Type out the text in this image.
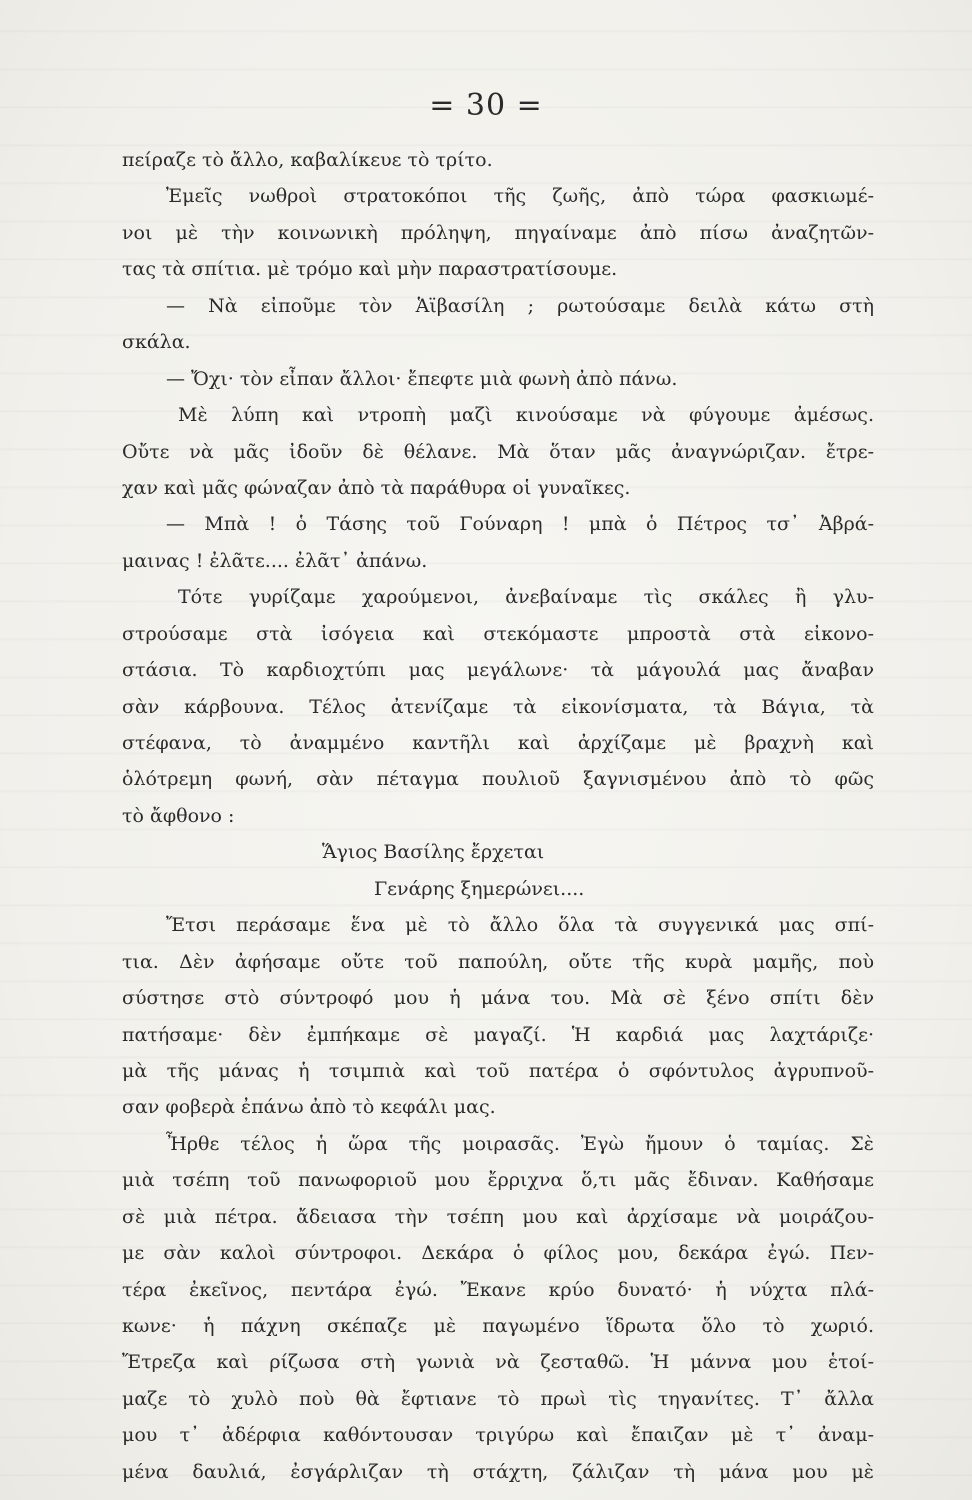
= 30 =
πείραζε τὸ ἄλλο, καβαλίκευε τὸ τρίτο.
Ἐμεῖς νωθροὶ στρατοκόποι τῆς ζωῆς, ἀπὸ τώρα φασκιωμέ-
νοι μὲ τὴν κοινωνικὴ πρόληψη, πηγαίναμε ἀπὸ πίσω ἀναζητῶν-
τας τὰ σπίτια. μὲ τρόμο καὶ μὴν παραστρατίσουμε.
— Νὰ εἰποῦμε τὸν Ἁϊβασίλη ; ρωτούσαμε δειλὰ κάτω στὴ
σκάλα.
— Ὄχι· τὸν εἶπαν ἄλλοι· ἔπεφτε μιὰ φωνὴ ἀπὸ πάνω.
Μὲ λύπη καὶ ντροπὴ μαζὶ κινούσαμε νὰ φύγουμε ἀμέσως.
Οὔτε νὰ μᾶς ἰδοῦν δὲ θέλανε. Μὰ ὅταν μᾶς ἀναγνώριζαν. ἔτρε-
χαν καὶ μᾶς φώναζαν ἀπὸ τὰ παράθυρα οἱ γυναῖκες.
— Μπὰ ! ὁ Τάσης τοῦ Γούναρη ! μπὰ ὁ Πέτρος τσ᾽ Ἀβρά-
μαινας ! ἐλᾶτε.... ἐλᾶτ᾽ ἀπάνω.
Τότε γυρίζαμε χαρούμενοι, ἀνεβαίναμε τὶς σκάλες ἢ γλυ-
στρούσαμε στὰ ἰσόγεια καὶ στεκόμαστε μπροστὰ στὰ εἰκονο-
στάσια. Τὸ καρδιοχτύπι μας μεγάλωνε· τὰ μάγουλά μας ἄναβαν
σὰν κάρβουνα. Τέλος ἀτενίζαμε τὰ εἰκονίσματα, τὰ Βάγια, τὰ
στέφανα, τὸ ἀναμμένο καντῆλι καὶ ἀρχίζαμε μὲ βραχνὴ καὶ
ὁλότρεμη φωνή, σὰν πέταγμα πουλιοῦ ξαγνισμένου ἀπὸ τὸ φῶς
τὸ ἄφθονο :
Ἅγιος Βασίλης ἔρχεται
Γενάρης ξημερώνει....
Ἔτσι περάσαμε ἕνα μὲ τὸ ἄλλο ὅλα τὰ συγγενικά μας σπί-
τια. Δὲν ἀφήσαμε οὔτε τοῦ παπούλη, οὔτε τῆς κυρὰ μαμῆς, ποὺ
σύστησε στὸ σύντροφό μου ἡ μάνα του. Μὰ σὲ ξένο σπίτι δὲν
πατήσαμε· δὲν ἐμπήκαμε σὲ μαγαζί. Ἡ καρδιά μας λαχτάριζε·
μὰ τῆς μάνας ἡ τσιμπιὰ καὶ τοῦ πατέρα ὁ σφόντυλος ἀγρυπνοῦ-
σαν φοβερὰ ἐπάνω ἀπὸ τὸ κεφάλι μας.
Ἦρθε τέλος ἡ ὥρα τῆς μοιρασᾶς. Ἐγὼ ἤμουν ὁ ταμίας. Σὲ
μιὰ τσέπη τοῦ πανωφοριοῦ μου ἔρριχνα ὅ,τι μᾶς ἔδιναν. Καθήσαμε
σὲ μιὰ πέτρα. ἄδειασα τὴν τσέπη μου καὶ ἀρχίσαμε νὰ μοιράζου-
με σὰν καλοὶ σύντροφοι. Δεκάρα ὁ φίλος μου, δεκάρα ἐγώ. Πεν-
τέρα ἐκεῖνος, πεντάρα ἐγώ. Ἔκανε κρύο δυνατό· ἡ νύχτα πλά-
κωνε· ἡ πάχνη σκέπαζε μὲ παγωμένο ἵδρωτα ὅλο τὸ χωριό.
Ἔτρεζα καὶ ρίζωσα στὴ γωνιὰ νὰ ζεσταθῶ. Ἡ μάννα μου ἑτοί-
μαζε τὸ χυλὸ ποὺ θὰ ἔφτιανε τὸ πρωὶ τὶς τηγανίτες. Τ᾽ ἄλλα
μου τ᾽ ἀδέρφια καθόντουσαν τριγύρω καὶ ἔπαιζαν μὲ τ᾽ ἀναμ-
μένα δαυλιά, ἐσγάρλιζαν τὴ στάχτη, ζάλιζαν τὴ μάνα μου μὲ
